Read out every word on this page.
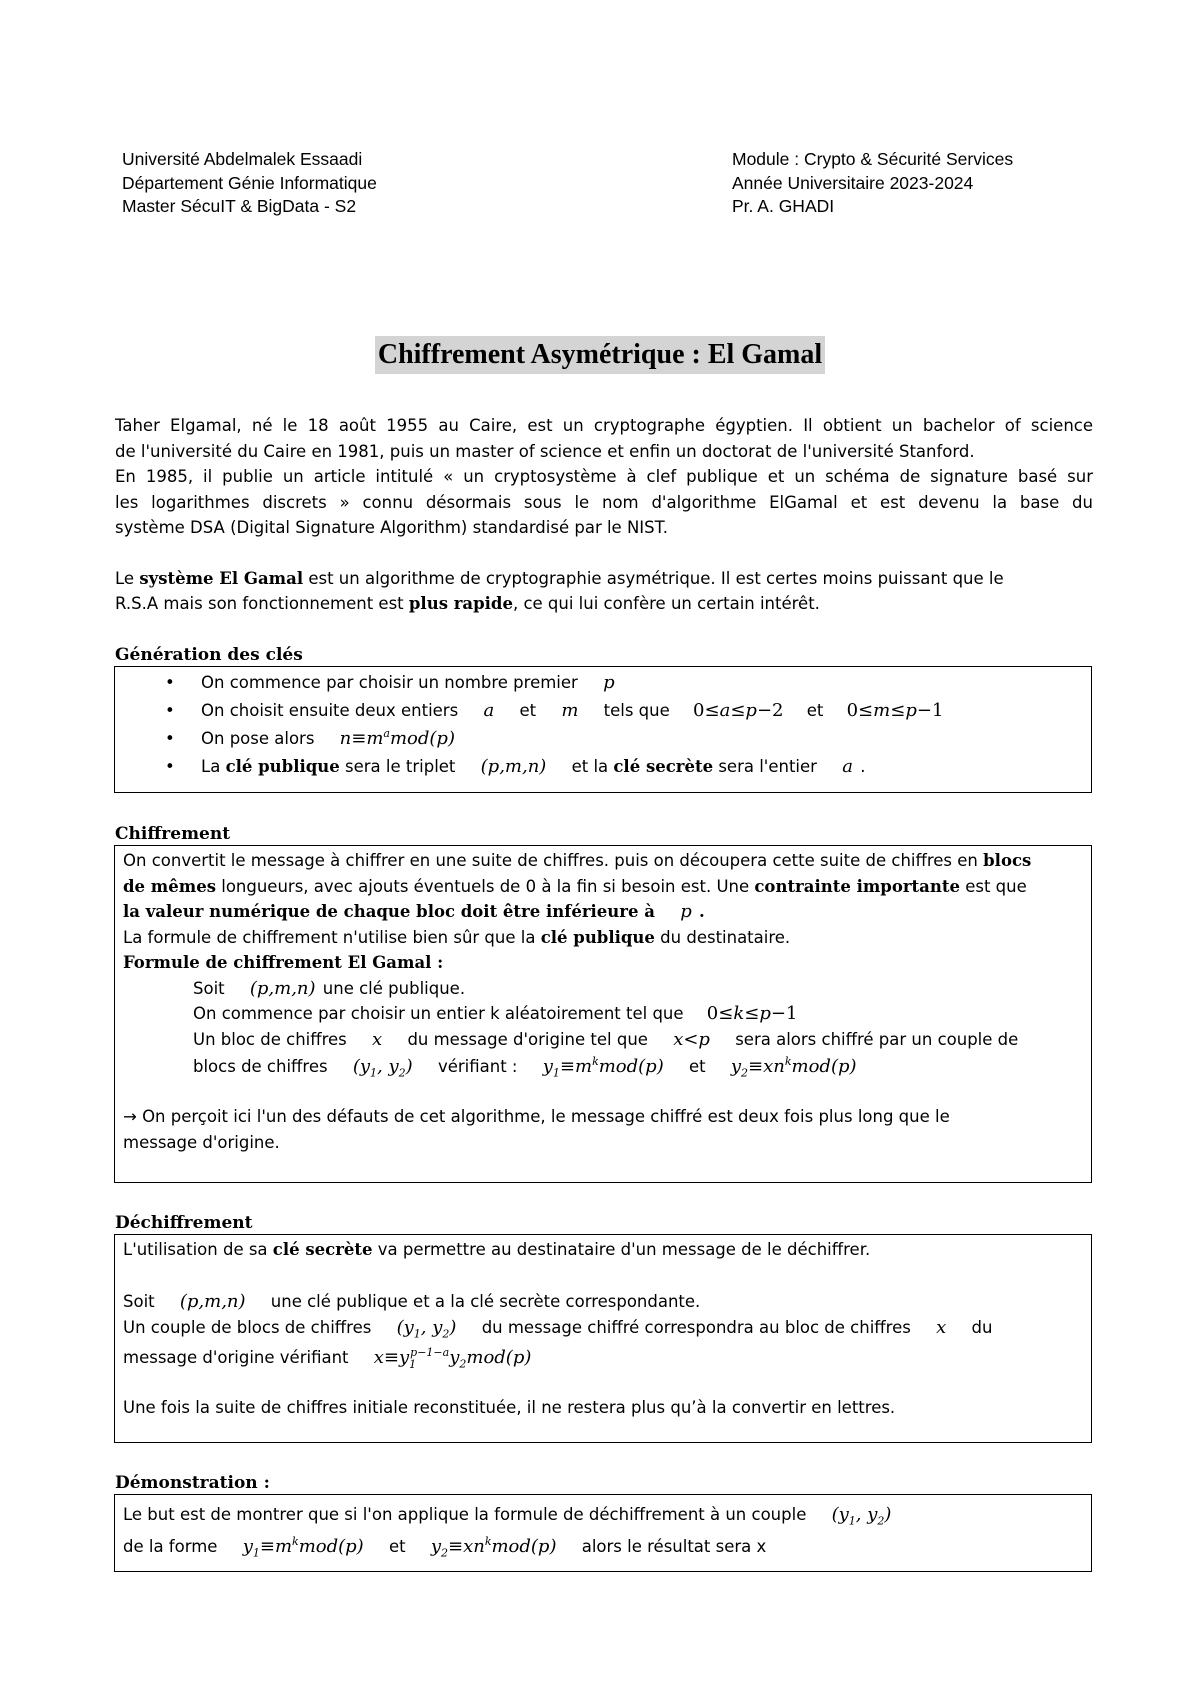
Université Abdelmalek Essaadi
Département Génie Informatique
Master SécuIT & BigData - S2
Module : Crypto & Sécurité Services
Année Universitaire 2023-2024
Pr. A. GHADI
Chiffrement Asymétrique : El Gamal
Taher Elgamal, né le 18 août 1955 au Caire, est un cryptographe égyptien. Il obtient un bachelor of science
de l'université du Caire en 1981, puis un master of science et enfin un doctorat de l'université Stanford.
En 1985, il publie un article intitulé « un cryptosystème à clef publique et un schéma de signature basé sur
les logarithmes discrets » connu désormais sous le nom d'algorithme ElGamal et est devenu la base du
système DSA (Digital Signature Algorithm) standardisé par le NIST.
Le système El Gamal est un algorithme de cryptographie asymétrique. Il est certes moins puissant que le
R.S.A mais son fonctionnement est plus rapide, ce qui lui confère un certain intérêt.
Génération des clés
• On commence par choisir un nombre premier p
• On choisit ensuite deux entiers a et m tels que 0≤a≤p−2 et 0≤m≤p−1
• On pose alors $n\equiv m^amod(p)$
• La clé publique sera le triplet (p,m,n) et la clé secrète sera l'entier a .
Chiffrement
On convertit le message à chiffrer en une suite de chiffres. puis on découpera cette suite de chiffres en blocs
de mêmes longueurs, avec ajouts éventuels de 0 à la fin si besoin est. Une contrainte importante est que
la valeur numérique de chaque bloc doit être inférieure à p .
La formule de chiffrement n'utilise bien sûr que la clé publique du destinataire.
Formule de chiffrement El Gamal :
Soit (p,m,n) une clé publique.
On commence par choisir un entier k aléatoirement tel que 0≤k≤p−1
Un bloc de chiffres x du message d'origine tel que x<p sera alors chiffré par un couple de
blocs de chiffres ($y_1$, $y_2$) vérifiant : $y_1\equiv m^kmod(p)$ et $y_2\equiv xn^kmod(p)$
→ On perçoit ici l'un des défauts de cet algorithme, le message chiffré est deux fois plus long que le
message d'origine.
Déchiffrement
L'utilisation de sa clé secrète va permettre au destinataire d'un message de le déchiffrer.
Soit (p,m,n) une clé publique et a la clé secrète correspondante.
Un couple de blocs de chiffres ($y_1$, $y_2$) du message chiffré correspondra au bloc de chiffres x du
message d'origine vérifiant $x\equiv y_1^{p-1-a}y_2mod(p)$
Une fois la suite de chiffres initiale reconstituée, il ne restera plus qu’à la convertir en lettres.
Démonstration :
Le but est de montrer que si l'on applique la formule de déchiffrement à un couple ($y_1$, $y_2$)
de la forme $y_1\equiv m^kmod(p)$ et $y_2\equiv xn^kmod(p)$ alors le résultat sera x
